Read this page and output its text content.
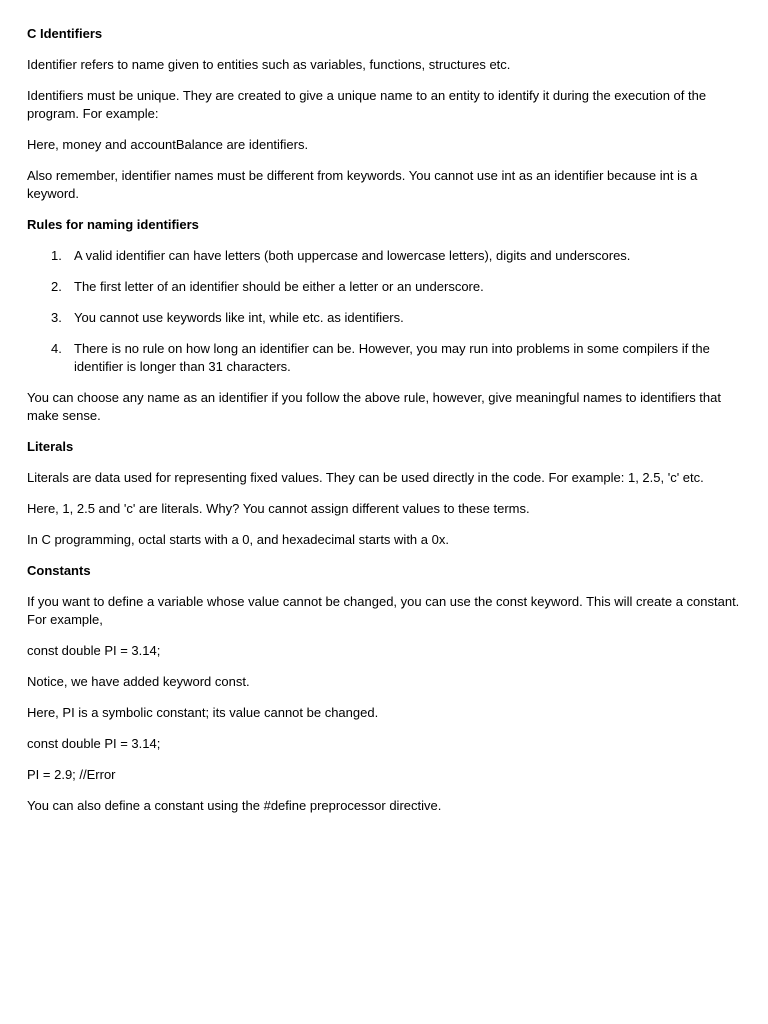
C Identifiers

Identifier refers to name given to entities such as variables, functions, structures etc.

Identifiers must be unique. They are created to give a unique name to an entity to identify it during the execution of the program. For example:

Here, money and accountBalance are identifiers.

Also remember, identifier names must be different from keywords. You cannot use int as an identifier because int is a keyword.

Rules for naming identifiers

1. A valid identifier can have letters (both uppercase and lowercase letters), digits and underscores.
2. The first letter of an identifier should be either a letter or an underscore.
3. You cannot use keywords like int, while etc. as identifiers.
4. There is no rule on how long an identifier can be. However, you may run into problems in some compilers if the identifier is longer than 31 characters.

You can choose any name as an identifier if you follow the above rule, however, give meaningful names to identifiers that make sense.

Literals

Literals are data used for representing fixed values. They can be used directly in the code. For example: 1, 2.5, 'c' etc.

Here, 1, 2.5 and 'c' are literals. Why? You cannot assign different values to these terms.

In C programming, octal starts with a 0, and hexadecimal starts with a 0x.

Constants

If you want to define a variable whose value cannot be changed, you can use the const keyword. This will create a constant. For example,

const double PI = 3.14;

Notice, we have added keyword const.

Here, PI is a symbolic constant; its value cannot be changed.

const double PI = 3.14;

PI = 2.9; //Error

You can also define a constant using the #define preprocessor directive.
